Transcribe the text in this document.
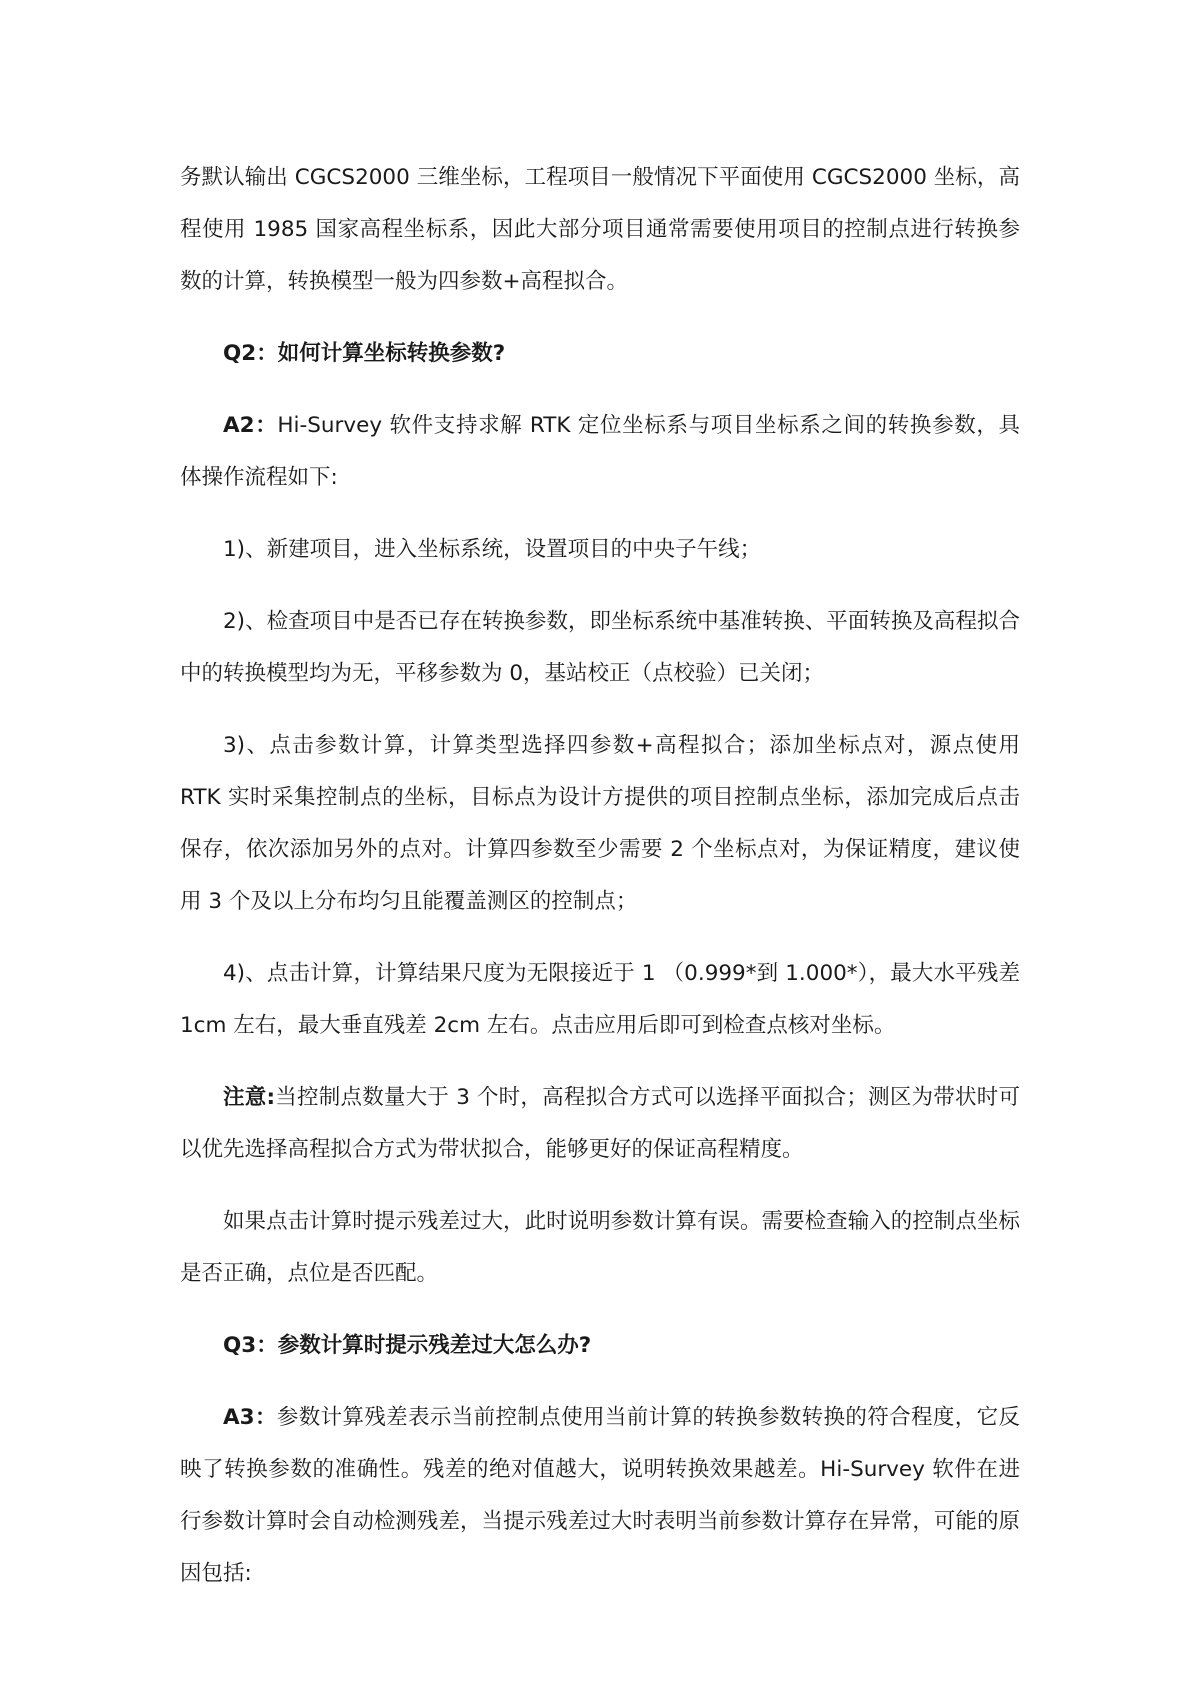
务默认输出 CGCS2000 三维坐标，工程项目一般情况下平面使用 CGCS2000 坐标，高程使用 1985 国家高程坐标系，因此大部分项目通常需要使用项目的控制点进行转换参数的计算，转换模型一般为四参数+高程拟合。

Q2：如何计算坐标转换参数?

A2：Hi-Survey 软件支持求解 RTK 定位坐标系与项目坐标系之间的转换参数，具体操作流程如下:

1)、新建项目，进入坐标系统，设置项目的中央子午线；

2)、检查项目中是否已存在转换参数，即坐标系统中基准转换、平面转换及高程拟合中的转换模型均为无，平移参数为 0，基站校正（点校验）已关闭；

3)、点击参数计算，计算类型选择四参数+高程拟合；添加坐标点对，源点使用 RTK 实时采集控制点的坐标，目标点为设计方提供的项目控制点坐标，添加完成后点击保存，依次添加另外的点对。计算四参数至少需要 2 个坐标点对，为保证精度，建议使用 3 个及以上分布均匀且能覆盖测区的控制点；

4)、点击计算，计算结果尺度为无限接近于 1 （0.999*到 1.000*），最大水平残差 1cm 左右，最大垂直残差 2cm 左右。点击应用后即可到检查点核对坐标。

注意:当控制点数量大于 3 个时，高程拟合方式可以选择平面拟合；测区为带状时可以优先选择高程拟合方式为带状拟合，能够更好的保证高程精度。

如果点击计算时提示残差过大，此时说明参数计算有误。需要检查输入的控制点坐标是否正确，点位是否匹配。

Q3：参数计算时提示残差过大怎么办?

A3：参数计算残差表示当前控制点使用当前计算的转换参数转换的符合程度，它反映了转换参数的准确性。残差的绝对值越大，说明转换效果越差。Hi-Survey 软件在进行参数计算时会自动检测残差，当提示残差过大时表明当前参数计算存在异常，可能的原因包括:
